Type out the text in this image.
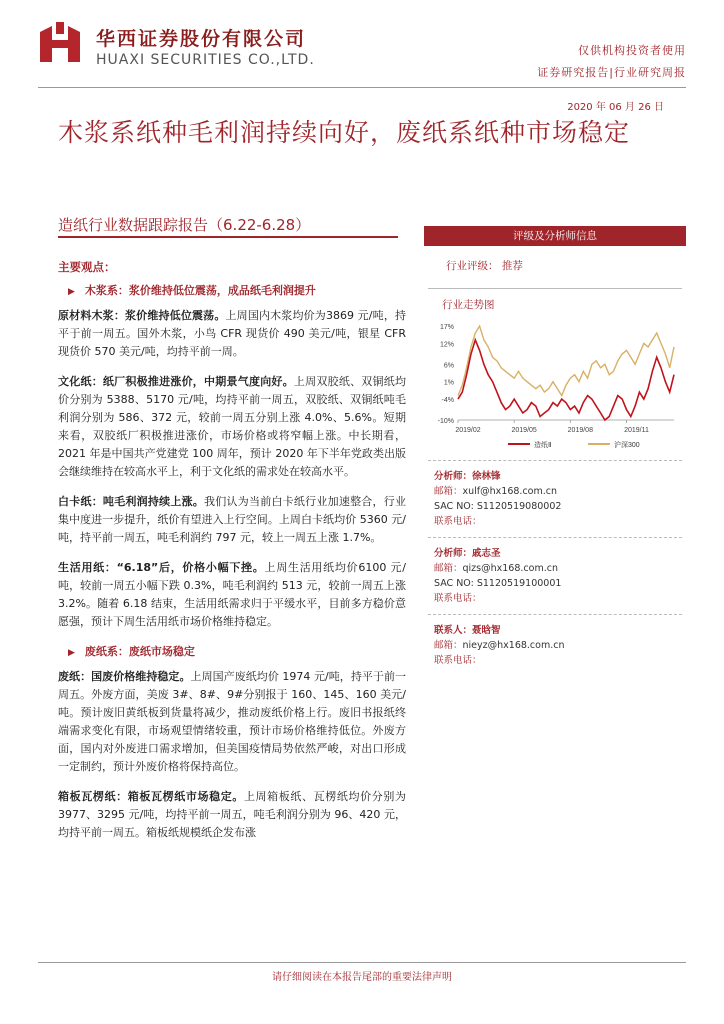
华西证券股份有限公司
HUAXI SECURITIES CO.,LTD.
仅供机构投资者使用
证券研究报告|行业研究周报
2020 年 06 月 26 日
木浆系纸种毛利润持续向好，废纸系纸种市场稳定
造纸行业数据跟踪报告（6.22-6.28）
主要观点：
▶ 木浆系：浆价维持低位震荡，成品纸毛利润提升

原材料木浆：浆价维持低位震荡。上周国内木浆均价为3869 元/吨，持平于前一周五。国外木浆，小鸟 CFR 现货价 490 美元/吨，银星 CFR 现货价 570 美元/吨，均持平前一周。

文化纸：纸厂积极推进涨价，中期景气度向好。上周双胶纸、双铜纸均价分别为 5388、5170 元/吨，均持平前一周五，双胶纸、双铜纸吨毛利润分别为 586、372 元，较前一周五分别上涨 4.0%、5.6%。短期来看，双胶纸厂积极推进涨价，市场价格或将窄幅上涨。中长期看，2021 年是中国共产党建党 100 周年，预计 2020 年下半年党政类出版会继续维持在较高水平上，利于文化纸的需求处在较高水平。

白卡纸：吨毛利润持续上涨。我们认为当前白卡纸行业加速整合，行业集中度进一步提升，纸价有望进入上行空间。上周白卡纸均价 5360 元/吨，持平前一周五，吨毛利润约 797 元，较上一周五上涨 1.7%。

生活用纸：“6.18”后，价格小幅下挫。上周生活用纸均价6100 元/吨，较前一周五小幅下跌 0.3%，吨毛利润约 513 元，较前一周五上涨 3.2%。随着 6.18 结束，生活用纸需求归于平缓水平，目前多方稳价意愿强，预计下周生活用纸市场价格维持稳定。

▶ 废纸系：废纸市场稳定

废纸：国废价格维持稳定。上周国产废纸均价 1974 元/吨，持平于前一周五。外废方面，美废 3#、8#、9#分别报于 160、145、160 美元/吨。预计废旧黄纸板到货量将减少，推动废纸价格上行。废旧书报纸终端需求变化有限，市场观望情绪较重，预计市场价格维持低位。外废方面，国内对外废进口需求增加，但美国疫情局势依然严峻，对出口形成一定制约，预计外废价格将保持高位。

箱板瓦楞纸：箱板瓦楞纸市场稳定。上周箱板纸、瓦楞纸均价分别为 3977、3295 元/吨，均持平前一周五，吨毛利润分别为 96、420 元，均持平前一周五。箱板纸规模纸企发布涨

评级及分析师信息
行业评级： 推荐
行业走势图
17%
12%
6%
1%
-4%
-10%
2019/02	2019/05	2019/08	2019/11
造纸Ⅱ	沪深300
分析师：徐林锋
邮箱：xulf@hx168.com.cn
SAC NO: S1120519080002
联系电话：
分析师：戚志圣
邮箱：qizs@hx168.com.cn
SAC NO: S1120519100001
联系电话：
联系人：聂晗智
邮箱：nieyz@hx168.com.cn
联系电话：
请仔细阅读在本报告尾部的重要法律声明
